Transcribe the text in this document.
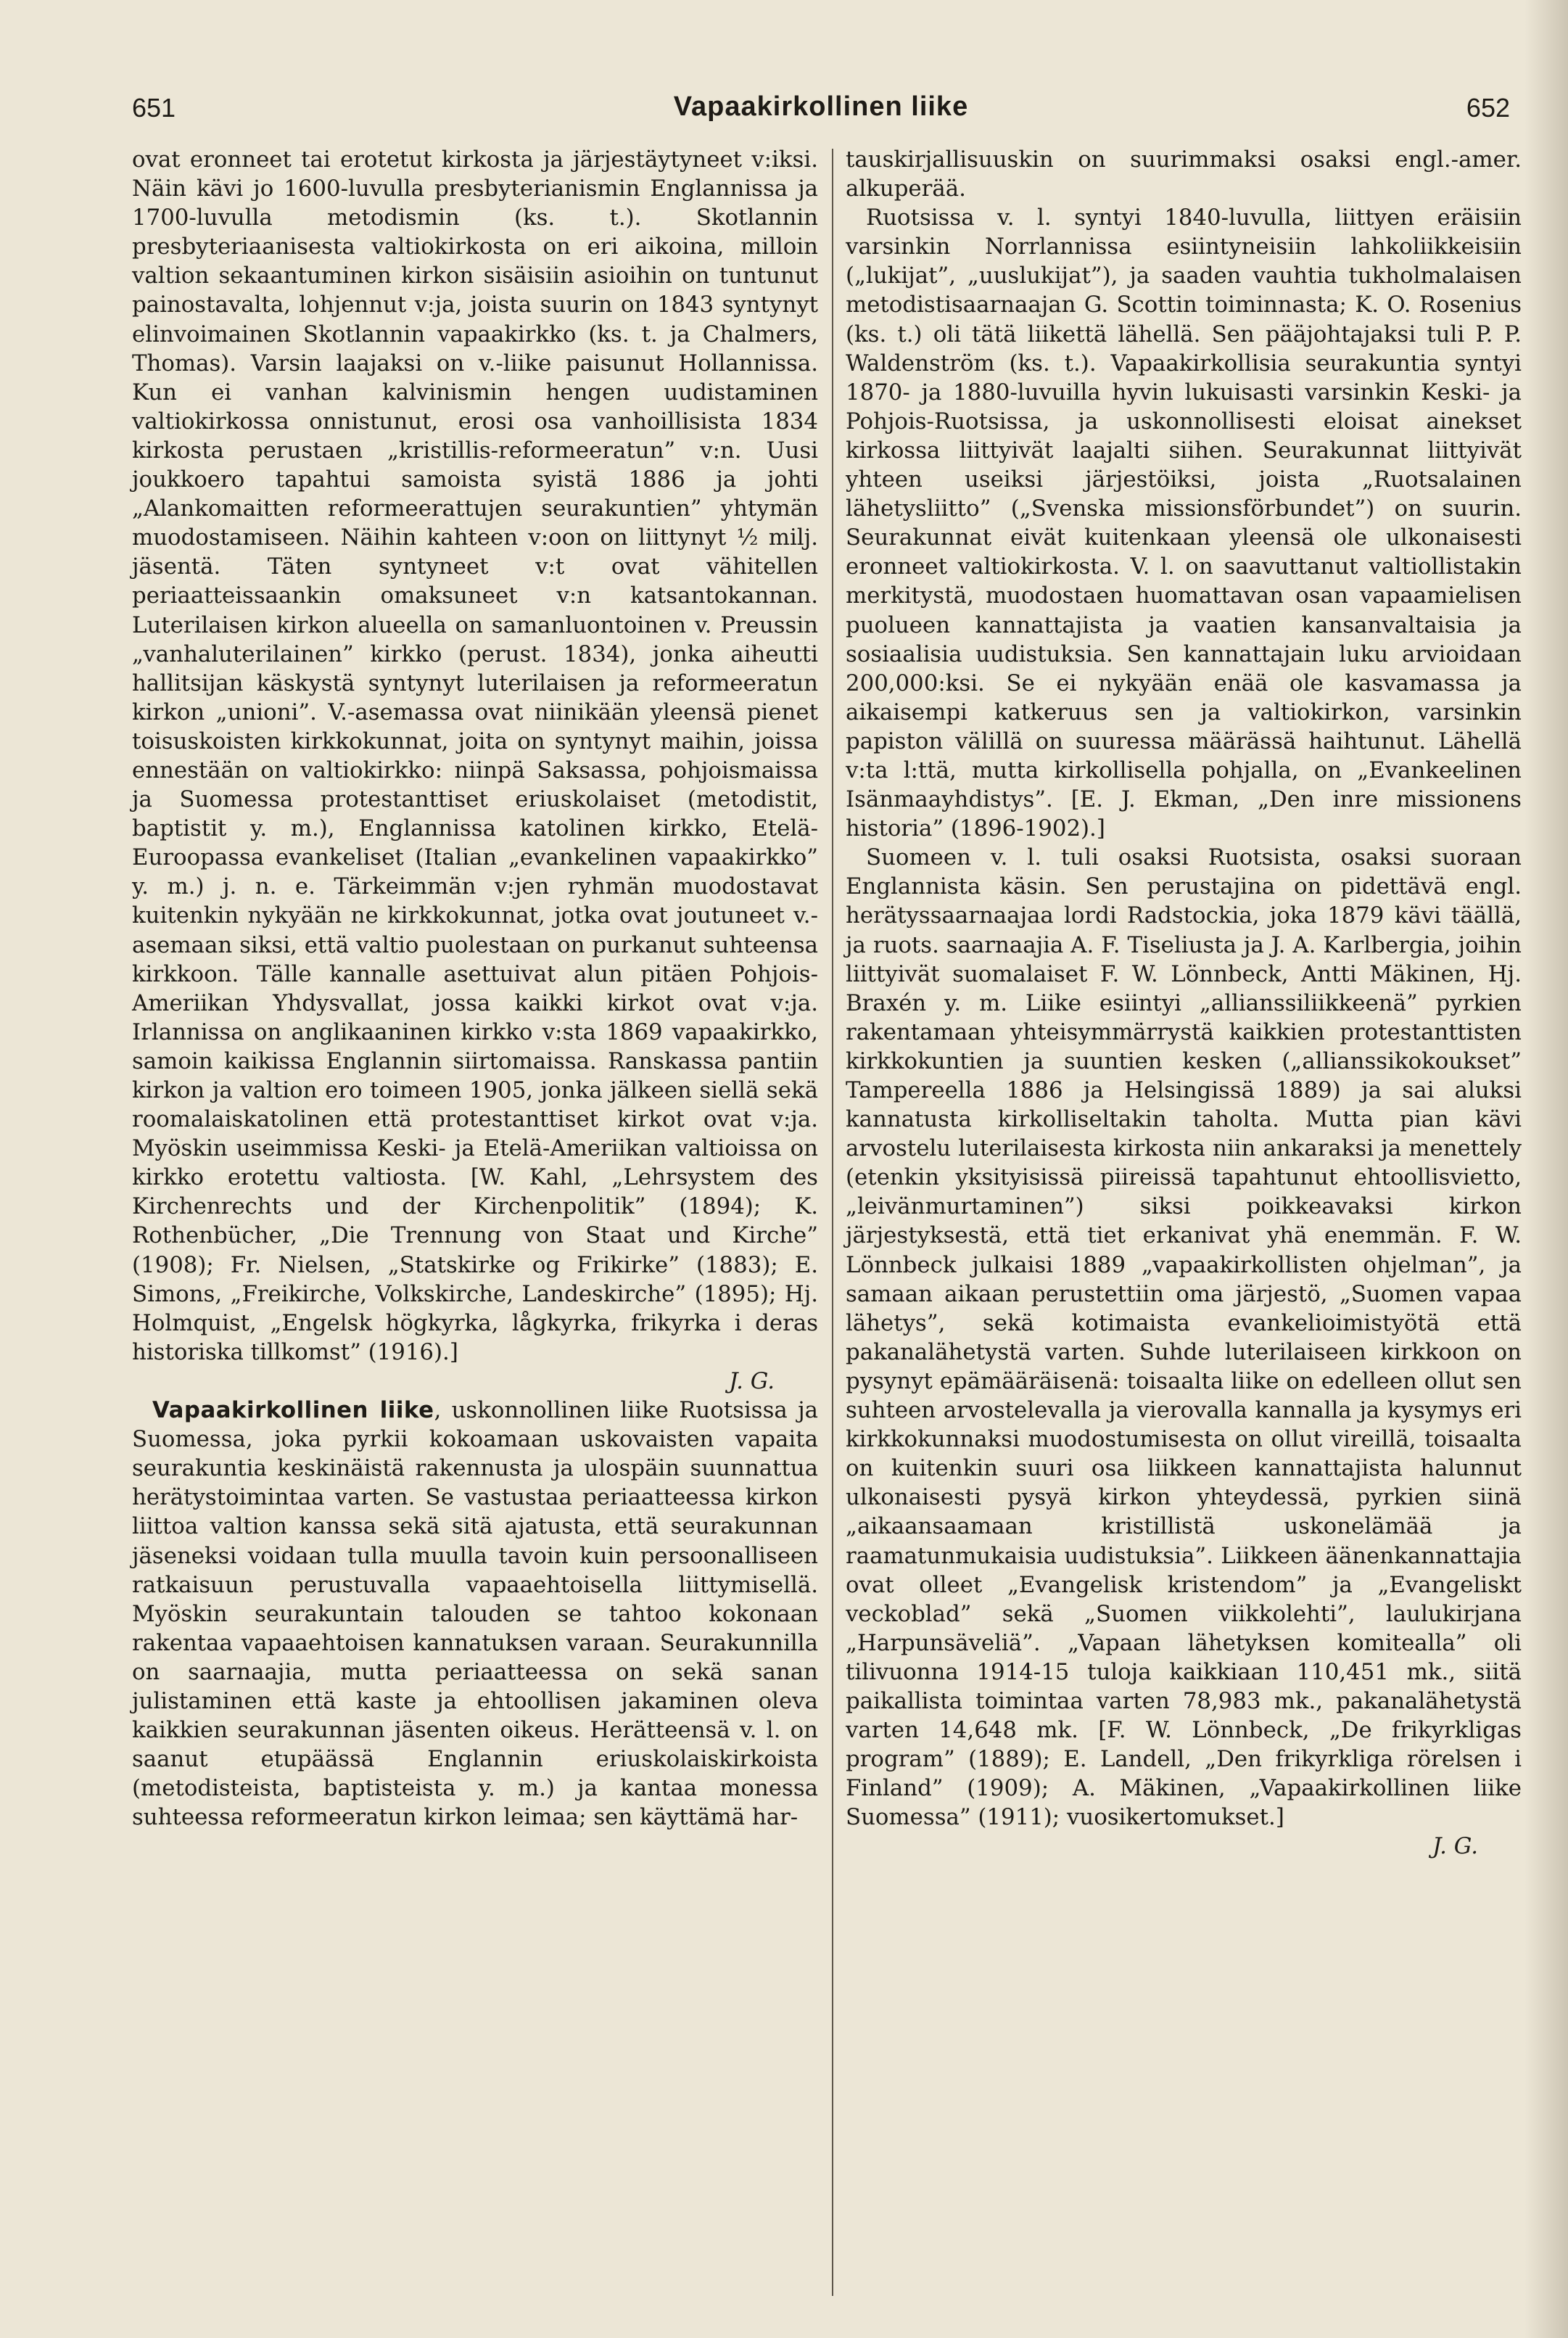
651	Vapaakirkollinen liike	652

ovat eronneet tai erotetut kirkosta ja järjestäytyneet v:iksi. Näin kävi jo 1600-luvulla presbyterianismin Englannissa ja 1700-luvulla metodismin (ks. t.). Skotlannin presbyteriaanisesta valtiokirkosta on eri aikoina, milloin valtion sekaantuminen kirkon sisäisiin asioihin on tuntunut painostavalta, lohjennut v:ja, joista suurin on 1843 syntynyt elinvoimainen Skotlannin vapaakirkko (ks. t. ja Chalmers, Thomas). Varsin laajaksi on v.-liike paisunut Hollannissa. Kun ei vanhan kalvinismin hengen uudistaminen valtiokirkossa onnistunut, erosi osa vanhoillisista 1834 kirkosta perustaen „kristillis-reformeeratun” v:n. Uusi joukkoero tapahtui samoista syistä 1886 ja johti „Alankomaitten reformeerattujen seurakuntien” yhtymän muodostamiseen. Näihin kahteen v:oon on liittynyt ½ milj. jäsentä. Täten syntyneet v:t ovat vähitellen periaatteissaankin omaksuneet v:n katsantokannan. Luterilaisen kirkon alueella on samanluontoinen v. Preussin „vanhaluterilainen” kirkko (perust. 1834), jonka aiheutti hallitsijan käskystä syntynyt luterilaisen ja reformeeratun kirkon „unioni”. V.-asemassa ovat niinikään yleensä pienet toisuskoisten kirkkokunnat, joita on syntynyt maihin, joissa ennestään on valtiokirkko: niinpä Saksassa, pohjoismaissa ja Suomessa protestanttiset eriuskolaiset (metodistit, baptistit y. m.), Englannissa katolinen kirkko, Etelä-Euroopassa evankeliset (Italian „evankelinen vapaakirkko” y. m.) j. n. e. Tärkeimmän v:jen ryhmän muodostavat kuitenkin nykyään ne kirkkokunnat, jotka ovat joutuneet v.-asemaan siksi, että valtio puolestaan on purkanut suhteensa kirkkoon. Tälle kannalle asettuivat alun pitäen Pohjois-Ameriikan Yhdysvallat, jossa kaikki kirkot ovat v:ja. Irlannissa on anglikaaninen kirkko v:sta 1869 vapaakirkko, samoin kaikissa Englannin siirtomaissa. Ranskassa pantiin kirkon ja valtion ero toimeen 1905, jonka jälkeen siellä sekä roomalaiskatolinen että protestanttiset kirkot ovat v:ja. Myöskin useimmissa Keski- ja Etelä-Ameriikan valtioissa on kirkko erotettu valtiosta. [W. Kahl, „Lehrsystem des Kirchenrechts und der Kirchenpolitik” (1894); K. Rothenbücher, „Die Trennung von Staat und Kirche” (1908); Fr. Nielsen, „Statskirke og Frikirke” (1883); E. Simons, „Freikirche, Volkskirche, Landeskirche” (1895); Hj. Holmquist, „Engelsk högkyrka, lågkyrka, frikyrka i deras historiska tillkomst” (1916).]

J. G.

Vapaakirkollinen liike, uskonnollinen liike Ruotsissa ja Suomessa, joka pyrkii kokoamaan uskovaisten vapaita seurakuntia keskinäistä rakennusta ja ulospäin suunnattua herätystoimintaa varten. Se vastustaa periaatteessa kirkon liittoa valtion kanssa sekä sitä ajatusta, että seurakunnan jäseneksi voidaan tulla muulla tavoin kuin persoonalliseen ratkaisuun perustuvalla vapaaehtoisella liittymisellä. Myöskin seurakuntain talouden se tahtoo kokonaan rakentaa vapaaehtoisen kannatuksen varaan. Seurakunnilla on saarnaajia, mutta periaatteessa on sekä sanan julistaminen että kaste ja ehtoollisen jakaminen oleva kaikkien seurakunnan jäsenten oikeus. Herätteensä v. l. on saanut etupäässä Englannin eriuskolaiskirkoista (metodisteista, baptisteista y. m.) ja kantaa monessa suhteessa reformeeratun kirkon leimaa; sen käyttämä har-

tauskirjallisuuskin on suurimmaksi osaksi engl.-amer. alkuperää.

Ruotsissa v. l. syntyi 1840-luvulla, liittyen eräisiin varsinkin Norrlannissa esiintyneisiin lahkoliikkeisiin („lukijat”, „uuslukijat”), ja saaden vauhtia tukholmalaisen metodistisaarnaajan G. Scottin toiminnasta; K. O. Rosenius (ks. t.) oli tätä liikettä lähellä. Sen pääjohtajaksi tuli P. P. Waldenström (ks. t.). Vapaakirkollisia seurakuntia syntyi 1870- ja 1880-luvuilla hyvin lukuisasti varsinkin Keski- ja Pohjois-Ruotsissa, ja uskonnollisesti eloisat ainekset kirkossa liittyivät laajalti siihen. Seurakunnat liittyivät yhteen useiksi järjestöiksi, joista „Ruotsalainen lähetysliitto” („Svenska missionsförbundet”) on suurin. Seurakunnat eivät kuitenkaan yleensä ole ulkonaisesti eronneet valtiokirkosta. V. l. on saavuttanut valtiollistakin merkitystä, muodostaen huomattavan osan vapaamielisen puolueen kannattajista ja vaatien kansanvaltaisia ja sosiaalisia uudistuksia. Sen kannattajain luku arvioidaan 200,000:ksi. Se ei nykyään enää ole kasvamassa ja aikaisempi katkeruus sen ja valtiokirkon, varsinkin papiston välillä on suuressa määrässä haihtunut. Lähellä v:ta l:ttä, mutta kirkollisella pohjalla, on „Evankeelinen Isänmaayhdistys”. [E. J. Ekman, „Den inre missionens historia” (1896-1902).]

Suomeen v. l. tuli osaksi Ruotsista, osaksi suoraan Englannista käsin. Sen perustajina on pidettävä engl. herätyssaarnaajaa lordi Radstockia, joka 1879 kävi täällä, ja ruots. saarnaajia A. F. Tiseliusta ja J. A. Karlbergia, joihin liittyivät suomalaiset F. W. Lönnbeck, Antti Mäkinen, Hj. Braxén y. m. Liike esiintyi „allianssiliikkeenä” pyrkien rakentamaan yhteisymmärrystä kaikkien protestanttisten kirkkokuntien ja suuntien kesken („allianssikokoukset” Tampereella 1886 ja Helsingissä 1889) ja sai aluksi kannatusta kirkolliseltakin taholta. Mutta pian kävi arvostelu luterilaisesta kirkosta niin ankaraksi ja menettely (etenkin yksityisissä piireissä tapahtunut ehtoollisvietto, „leivänmurtaminen”) siksi poikkeavaksi kirkon järjestyksestä, että tiet erkanivat yhä enemmän. F. W. Lönnbeck julkaisi 1889 „vapaakirkollisten ohjelman”, ja samaan aikaan perustettiin oma järjestö, „Suomen vapaa lähetys”, sekä kotimaista evankelioimistyötä että pakanalähetystä varten. Suhde luterilaiseen kirkkoon on pysynyt epämääräisenä: toisaalta liike on edelleen ollut sen suhteen arvostelevalla ja vierovalla kannalla ja kysymys eri kirkkokunnaksi muodostumisesta on ollut vireillä, toisaalta on kuitenkin suuri osa liikkeen kannattajista halunnut ulkonaisesti pysyä kirkon yhteydessä, pyrkien siinä „aikaansaamaan kristillistä uskonelämää ja raamatunmukaisia uudistuksia”. Liikkeen äänenkannattajia ovat olleet „Evangelisk kristendom” ja „Evangeliskt veckoblad” sekä „Suomen viikkolehti”, laulukirjana „Harpunsäveliä”. „Vapaan lähetyksen komitealla” oli tilivuonna 1914-15 tuloja kaikkiaan 110,451 mk., siitä paikallista toimintaa varten 78,983 mk., pakanalähetystä varten 14,648 mk. [F. W. Lönnbeck, „De frikyrkligas program” (1889); E. Landell, „Den frikyrkliga rörelsen i Finland” (1909); A. Mäkinen, „Vapaakirkollinen liike Suomessa” (1911); vuosikertomukset.]

J. G.
